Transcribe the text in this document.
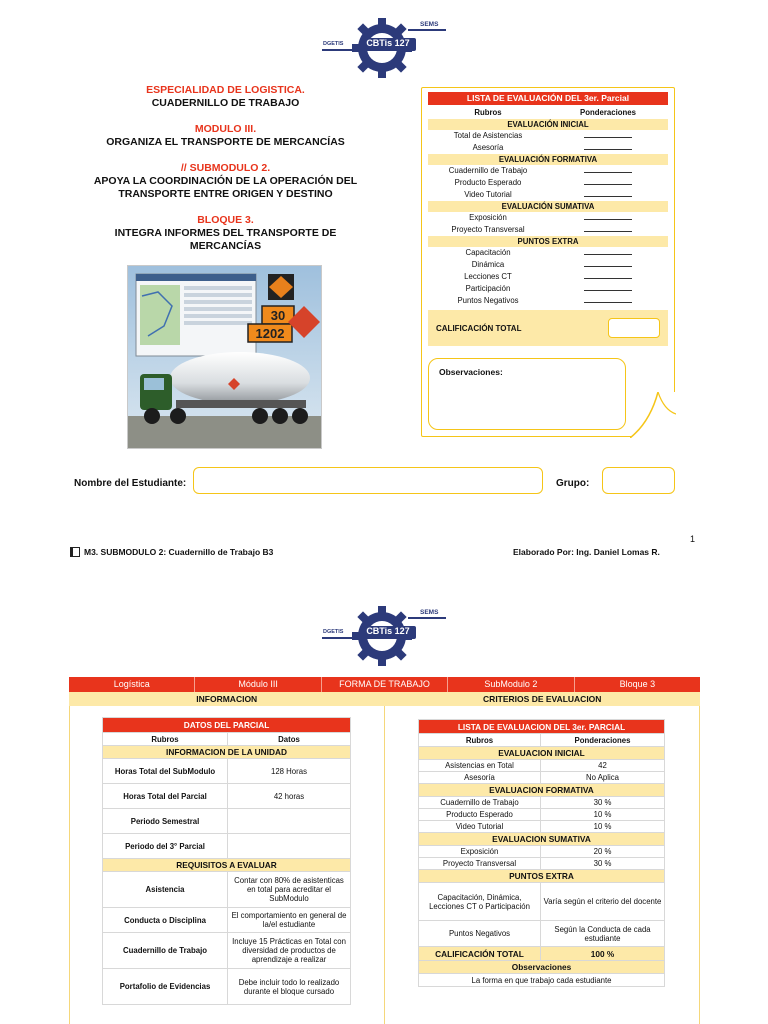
CBTis 127
DGETIS
SEMS
ESPECIALIDAD DE LOGISTICA.
CUADERNILLO DE TRABAJO
MODULO III.
ORGANIZA EL TRANSPORTE DE MERCANCÍAS
// SUBMODULO 2.
APOYA LA COORDINACIÓN DE LA OPERACIÓN DEL
TRANSPORTE ENTRE ORIGEN Y DESTINO
BLOQUE 3.
INTEGRA INFORMES DEL TRANSPORTE DE MERCANCÍAS
30
1202
LISTA DE EVALUACIÓN DEL 3er. Parcial
Rubros	Ponderaciones
EVALUACIÓN INICIAL
Total de Asistencias
Asesoría
EVALUACIÓN FORMATIVA
Cuadernillo de Trabajo
Producto Esperado
Video Tutorial
EVALUACIÓN SUMATIVA
Exposición
Proyecto Transversal
PUNTOS EXTRA
Capacitación
Dinámica
Lecciones CT
Participación
Puntos Negativos
CALIFICACIÓN TOTAL
Observaciones:
Nombre del Estudiante:	Grupo:
1
M3. SUBMODULO 2: Cuadernillo de Trabajo B3	Elaborado Por: Ing. Daniel Lomas R.
CBTis 127
DGETIS
SEMS
Logística	Módulo III	FORMA DE TRABAJO	SubModulo 2	Bloque 3
INFORMACION	CRITERIOS DE EVALUACION
DATOS DEL PARCIAL	
Rubros	Datos
INFORMACION DE LA UNIDAD	
Horas Total del SubModulo	128 Horas
Horas Total del Parcial	42 horas
Periodo Semestral	
Periodo del 3° Parcial	
REQUISITOS A EVALUAR	
Asistencia	Contar con 80% de asistenticas en total para acreditar el SubModulo
Conducta o Disciplina	El comportamiento en general de la/el estudiante
Cuadernillo de Trabajo	Incluye 15 Prácticas en Total con diversidad de productos de aprendizaje a realizar
Portafolio de Evidencias	Debe incluir todo lo realizado durante el bloque cursado
LISTA DE EVALUACION DEL 3er. PARCIAL	
Rubros	Ponderaciones
EVALUACION INICIAL	
Asistencias en Total	42
Asesoría	No Aplica
EVALUACION FORMATIVA	
Cuadernillo de Trabajo	30 %
Producto Esperado	10 %
Video Tutorial	10 %
EVALUACION SUMATIVA	
Exposición	20 %
Proyecto Transversal	30 %
PUNTOS EXTRA	
Capacitación, Dinámica, Lecciones CT o Participación	Varía según el criterio del docente
Puntos Negativos	Según la Conducta de cada estudiante
CALIFICACIÓN TOTAL	100 %
Observaciones	
La forma en que trabajo cada estudiante	
